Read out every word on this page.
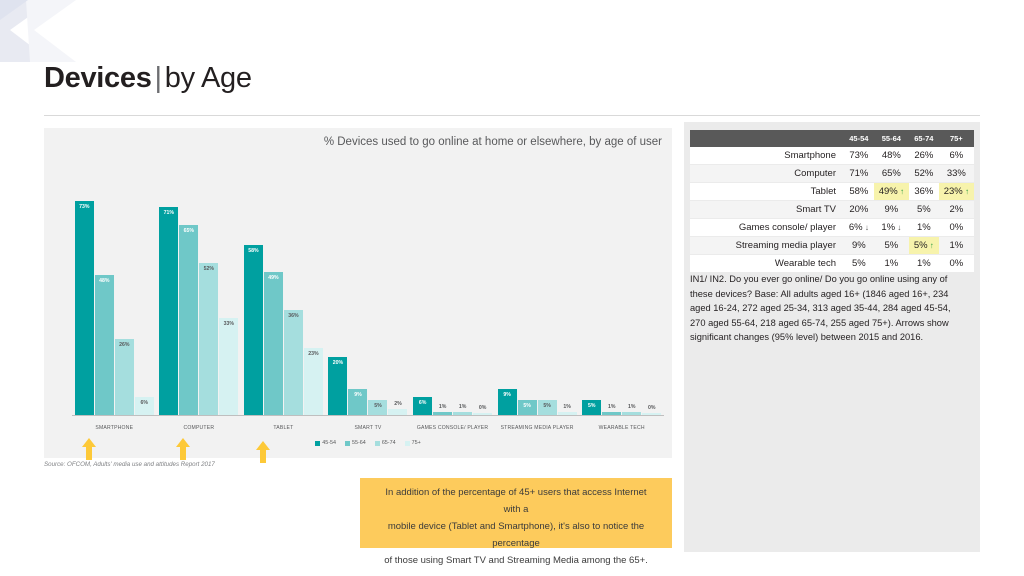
Devices | by Age
% Devices used to go online at home or elsewhere, by age of user
73%
48%
26%
6%
SMARTPHONE
71%
65%
52%
33%
COMPUTER
58%
49%
36%
23%
TABLET
20%
9%
5%	2%
SMART TV
6%
1%	1%	0%
GAMES CONSOLE/ PLAYER
9%
5%	5%	1%
STREAMING MEDIA PLAYER
5%	1%	1%	0%
WEARABLE TECH
45-54	55-64	65-74	75+
Source: OFCOM, Adults' media use and attitudes Report 2017
In addition of the percentage of 45+ users that access Internet with a
mobile device (Tablet and Smartphone), it's also to notice the percentage
of those using Smart TV and Streaming Media among the 65+.
	45-54	55-64	65-74	75+
Smartphone	73%	48%	26%	6%
Computer	71%	65%	52%	33%
Tablet	58%	49% ↑	36%	23% ↑
Smart TV	20%	9%	5%	2%
Games console/ player	6% ↓	1% ↓	1%	0%
Streaming media player	9%	5%	5% ↑	1%
Wearable tech	5%	1%	1%	0%
IN1/ IN2. Do you ever go online/ Do you go online using any of these devices? Base: All adults aged 16+ (1846 aged 16+, 234 aged 16-24, 272 aged 25-34, 313 aged 35-44, 284 aged 45-54, 270 aged 55-64, 218 aged 65-74, 255 aged 75+). Arrows show significant changes (95% level) between 2015 and 2016.
